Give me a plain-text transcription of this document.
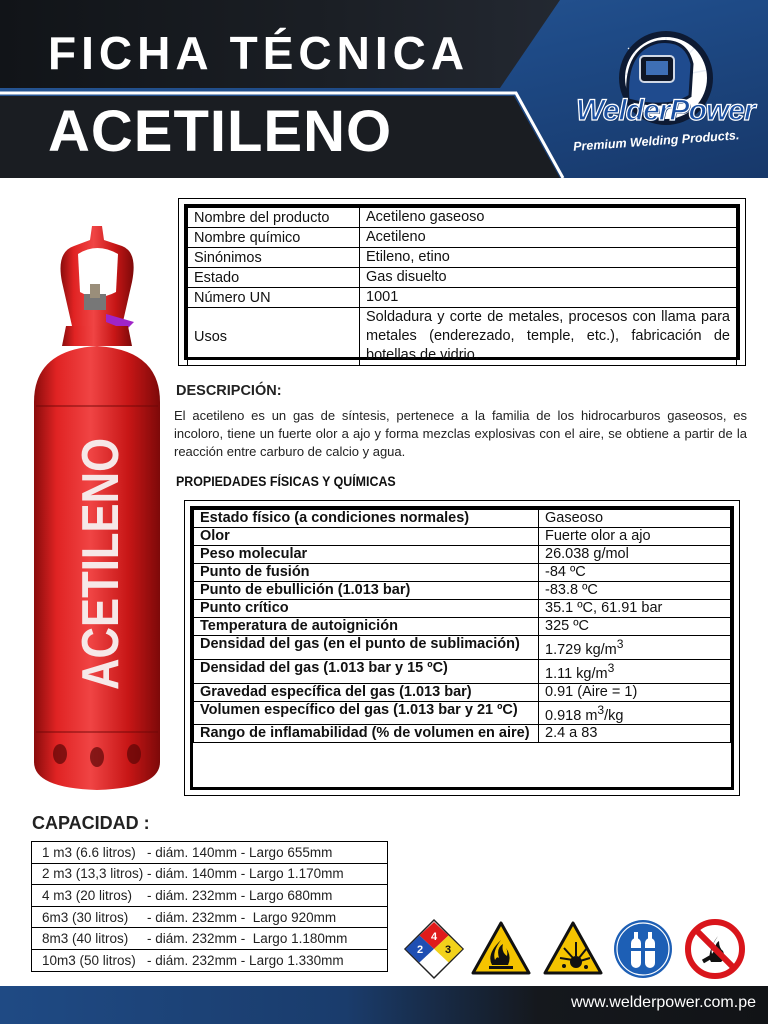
FICHA TÉCNICA
ACETILENO	WelderPower
Premium Welding Products.
ACETILENO
Nombre del producto	Acetileno gaseoso
Nombre químico	Acetileno
Sinónimos	Etileno, etino
Estado	Gas disuelto
Número UN	1001
Usos	Soldadura y corte de metales, procesos con llama para metales (enderezado, temple, etc.), fabricación de botellas de vidrio.
DESCRIPCIÓN:
El acetileno es un gas de síntesis, pertenece a la familia de los hidrocarburos gaseosos, es incoloro, tiene un fuerte olor a ajo y forma mezclas explosivas con el aire, se obtiene a partir de la reacción entre carburo de calcio y agua.
PROPIEDADES FÍSICAS Y QUÍMICAS
Estado físico (a condiciones normales)	Gaseoso
Olor	Fuerte olor a ajo
Peso molecular	26.038 g/mol
Punto de fusión	-84 ºC
Punto de ebullición (1.013 bar)	-83.8 ºC
Punto crítico	35.1 ºC, 61.91 bar
Temperatura de autoignición	325 ºC
Densidad del gas (en el punto de sublimación)	1.729 $kg/m^3$
Densidad del gas (1.013 bar y 15 ºC)	1.11 $kg/m^3$
Gravedad específica del gas (1.013 bar)	0.91 (Aire = 1)
Volumen específico del gas (1.013 bar y 21 ºC)	0.918 $m^3/kg$
Rango de inflamabilidad (% de volumen en aire)	2.4 a 83
CAPACIDAD :
1 m3 (6.6 litros)   - diám. 140mm - Largo 655mm
2 m3 (13,3 litros) - diám. 140mm - Largo 1.170mm
4 m3 (20 litros)    - diám. 232mm - Largo 680mm
6m3 (30 litros)     - diám. 232mm -  Largo 920mm
8m3 (40 litros)     - diám. 232mm -  Largo 1.180mm
10m3 (50 litros)   - diám. 232mm - Largo 1.330mm
4
2 3
www.welderpower.com.pe
